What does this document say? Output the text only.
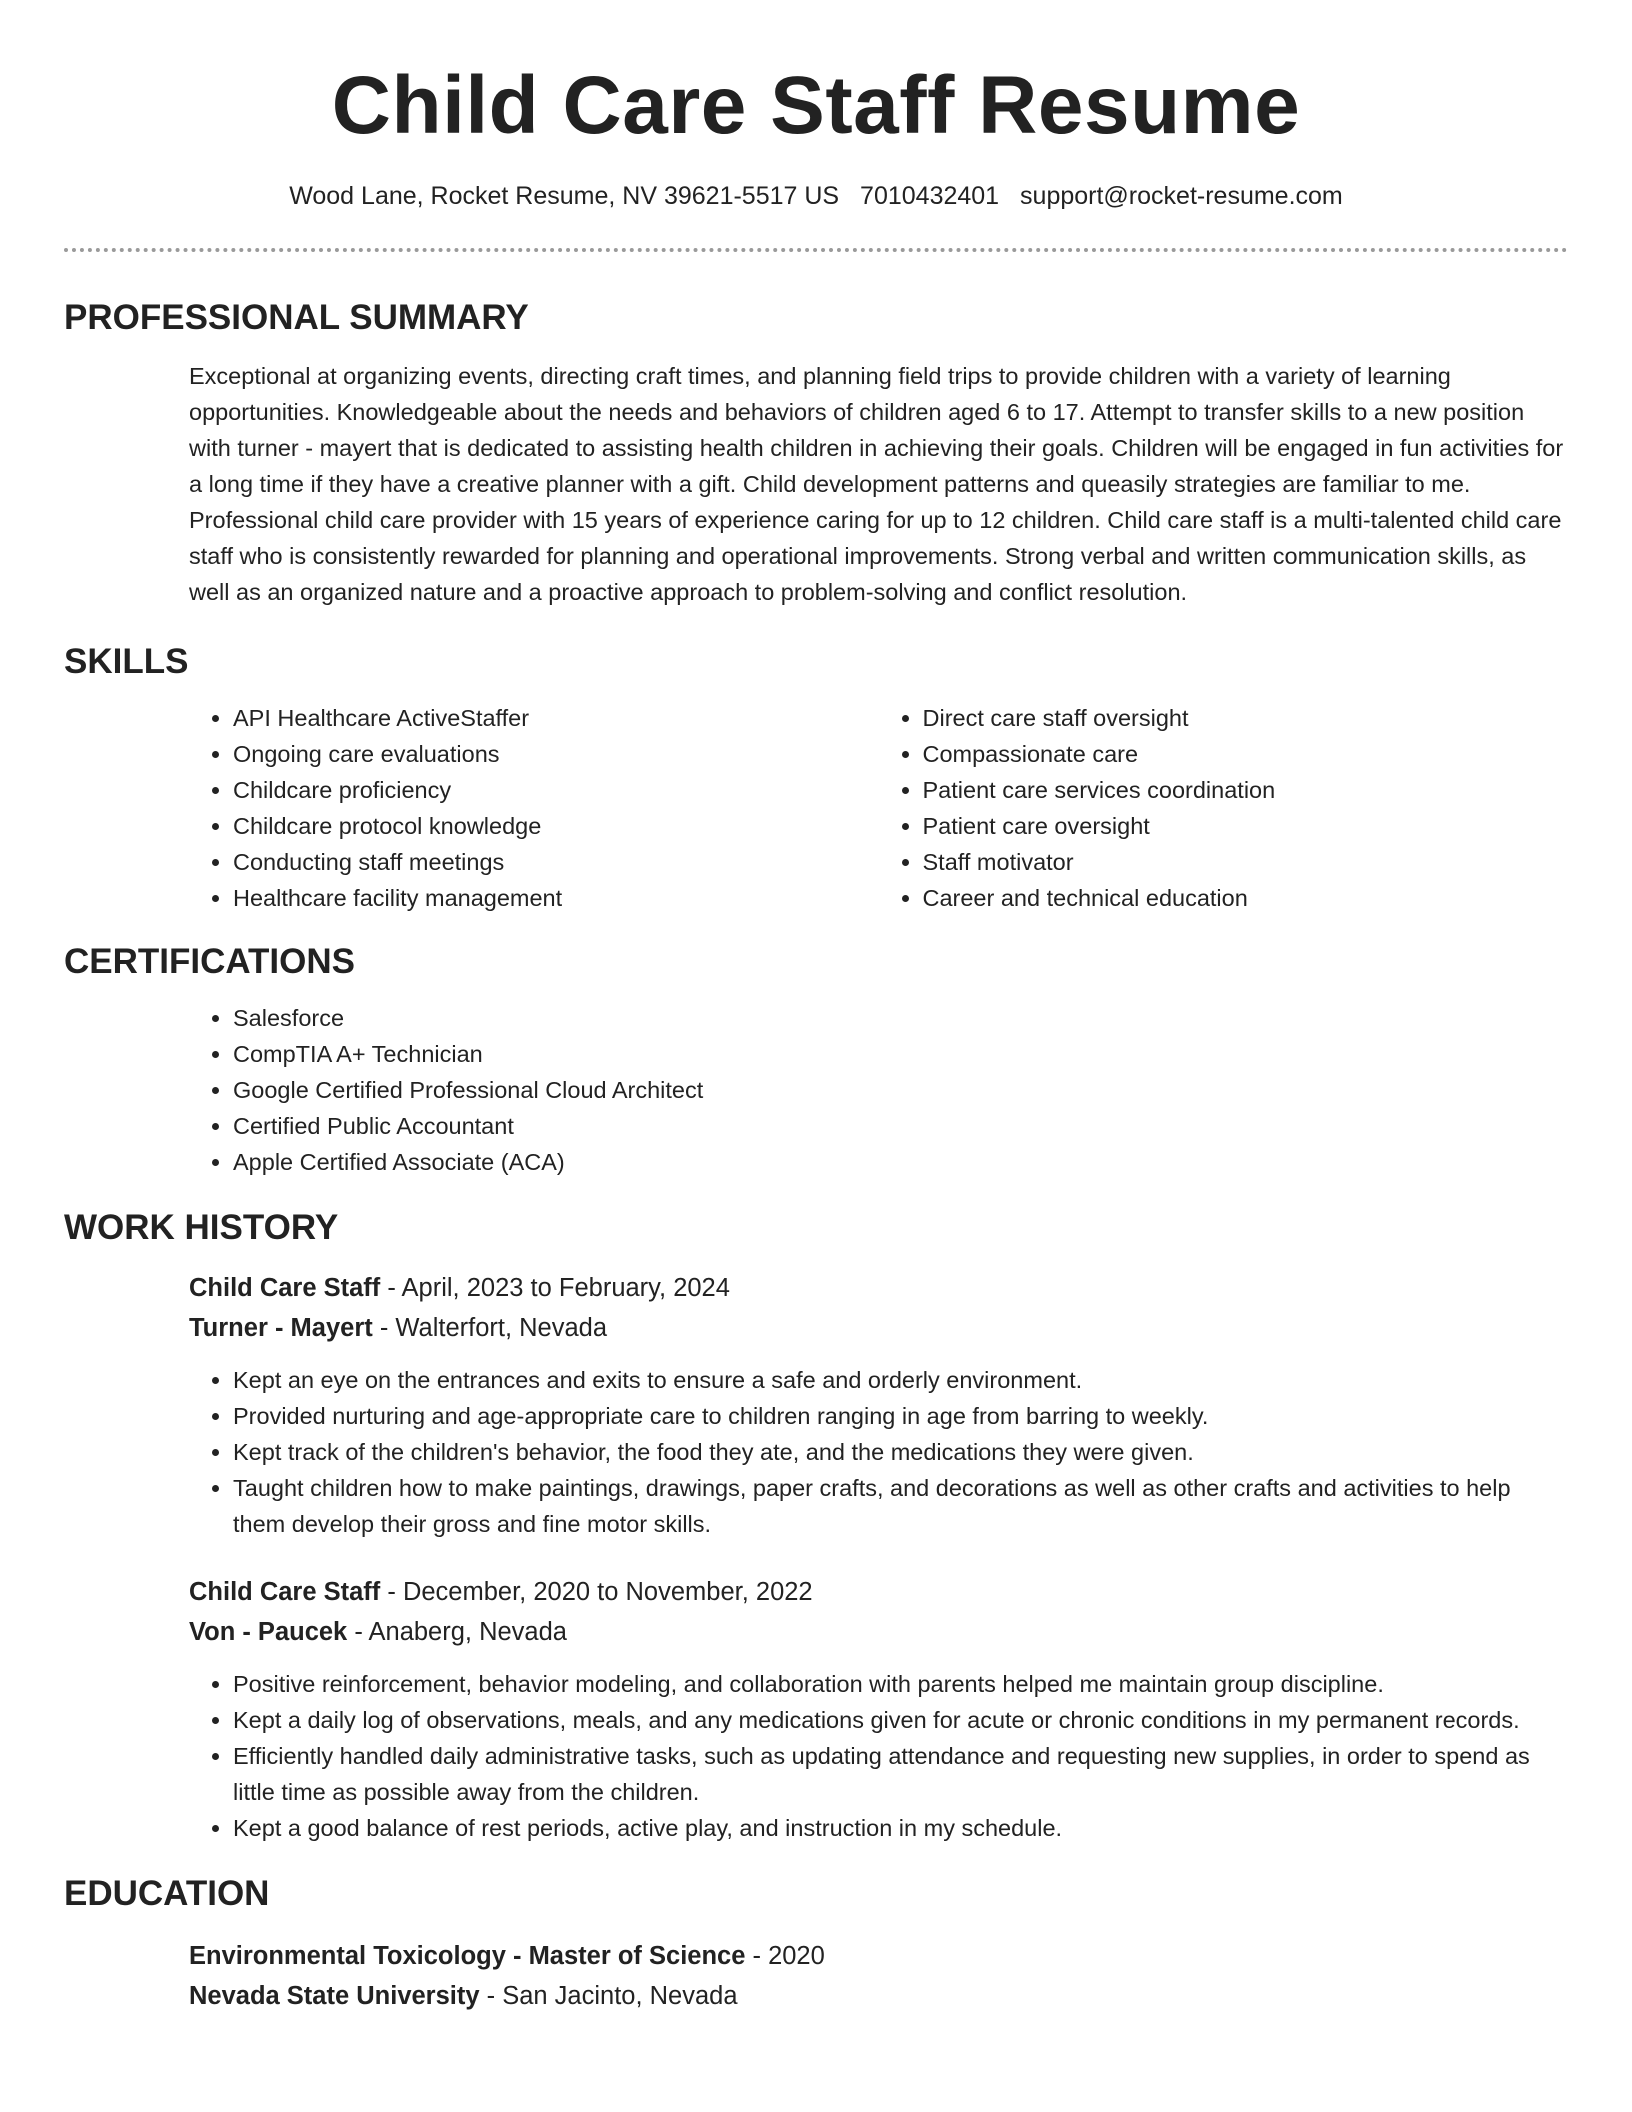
Child Care Staff Resume
Wood Lane, Rocket Resume, NV 39621-5517 US 7010432401 support@rocket-resume.com
PROFESSIONAL SUMMARY
Exceptional at organizing events, directing craft times, and planning field trips to provide children with a variety of learning opportunities. Knowledgeable about the needs and behaviors of children aged 6 to 17. Attempt to transfer skills to a new position with turner - mayert that is dedicated to assisting health children in achieving their goals. Children will be engaged in fun activities for a long time if they have a creative planner with a gift. Child development patterns and queasily strategies are familiar to me. Professional child care provider with 15 years of experience caring for up to 12 children. Child care staff is a multi-talented child care staff who is consistently rewarded for planning and operational improvements. Strong verbal and written communication skills, as well as an organized nature and a proactive approach to problem-solving and conflict resolution.
SKILLS
• API Healthcare ActiveStaffer
• Ongoing care evaluations
• Childcare proficiency
• Childcare protocol knowledge
• Conducting staff meetings
• Healthcare facility management
• Direct care staff oversight
• Compassionate care
• Patient care services coordination
• Patient care oversight
• Staff motivator
• Career and technical education
CERTIFICATIONS
• Salesforce
• CompTIA A+ Technician
• Google Certified Professional Cloud Architect
• Certified Public Accountant
• Apple Certified Associate (ACA)
WORK HISTORY
Child Care Staff - April, 2023 to February, 2024
Turner - Mayert - Walterfort, Nevada
• Kept an eye on the entrances and exits to ensure a safe and orderly environment.
• Provided nurturing and age-appropriate care to children ranging in age from barring to weekly.
• Kept track of the children's behavior, the food they ate, and the medications they were given.
• Taught children how to make paintings, drawings, paper crafts, and decorations as well as other crafts and activities to help them develop their gross and fine motor skills.
Child Care Staff - December, 2020 to November, 2022
Von - Paucek - Anaberg, Nevada
• Positive reinforcement, behavior modeling, and collaboration with parents helped me maintain group discipline.
• Kept a daily log of observations, meals, and any medications given for acute or chronic conditions in my permanent records.
• Efficiently handled daily administrative tasks, such as updating attendance and requesting new supplies, in order to spend as little time as possible away from the children.
• Kept a good balance of rest periods, active play, and instruction in my schedule.
EDUCATION
Environmental Toxicology - Master of Science - 2020
Nevada State University - San Jacinto, Nevada
